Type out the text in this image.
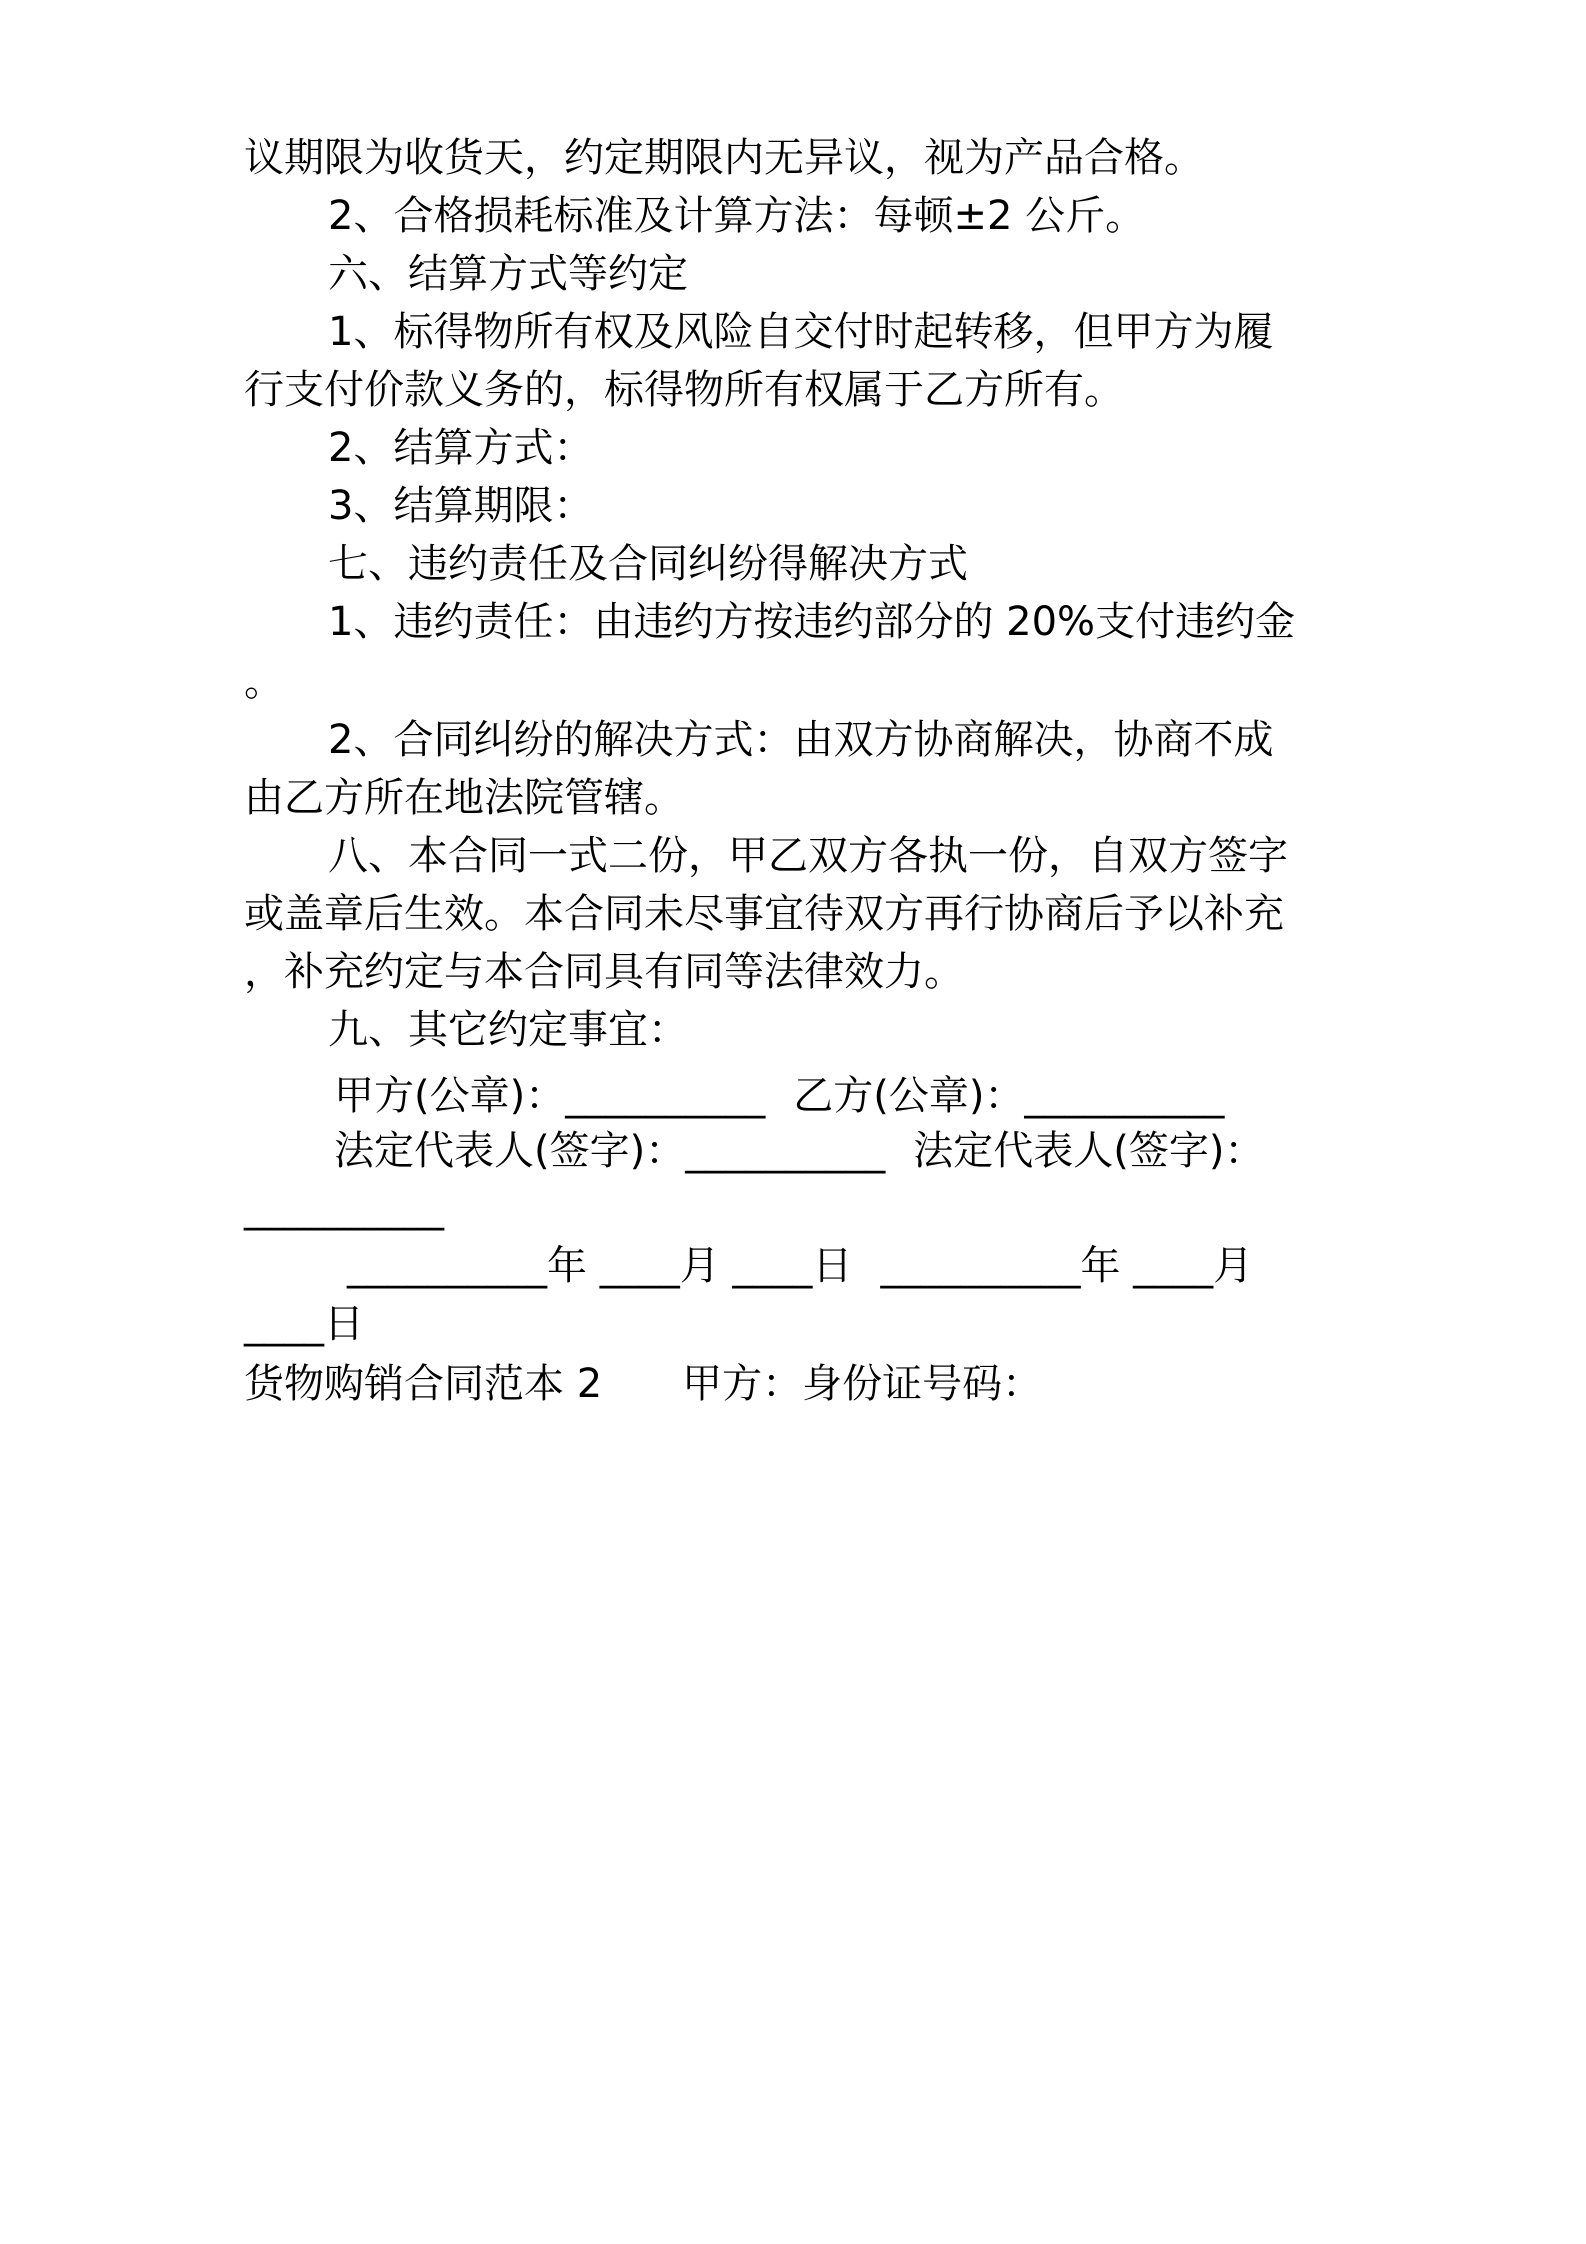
议期限为收货天，约定期限内无异议，视为产品合格。

2、合格损耗标准及计算方法：每顿±2 公斤。

六、结算方式等约定

1、标得物所有权及风险自交付时起转移，但甲方为履

行支付价款义务的，标得物所有权属于乙方所有。

2、结算方式：

3、结算期限：

七、违约责任及合同纠纷得解决方式

1、违约责任：由违约方按违约部分的 20%支付违约金

。

2、合同纠纷的解决方式：由双方协商解决，协商不成

由乙方所在地法院管辖。

八、本合同一式二份，甲乙双方各执一份，自双方签字

或盖章后生效。本合同未尽事宜待双方再行协商后予以补充

，补充约定与本合同具有同等法律效力。

九、其它约定事宜：

甲方(公章)：__________ 乙方(公章)：__________

法定代表人(签字)：__________ 法定代表人(签字)：

__________

__________年 ____月 ____日 __________年 ____月

____日

货物购销合同范本 2 甲方：身份证号码：
